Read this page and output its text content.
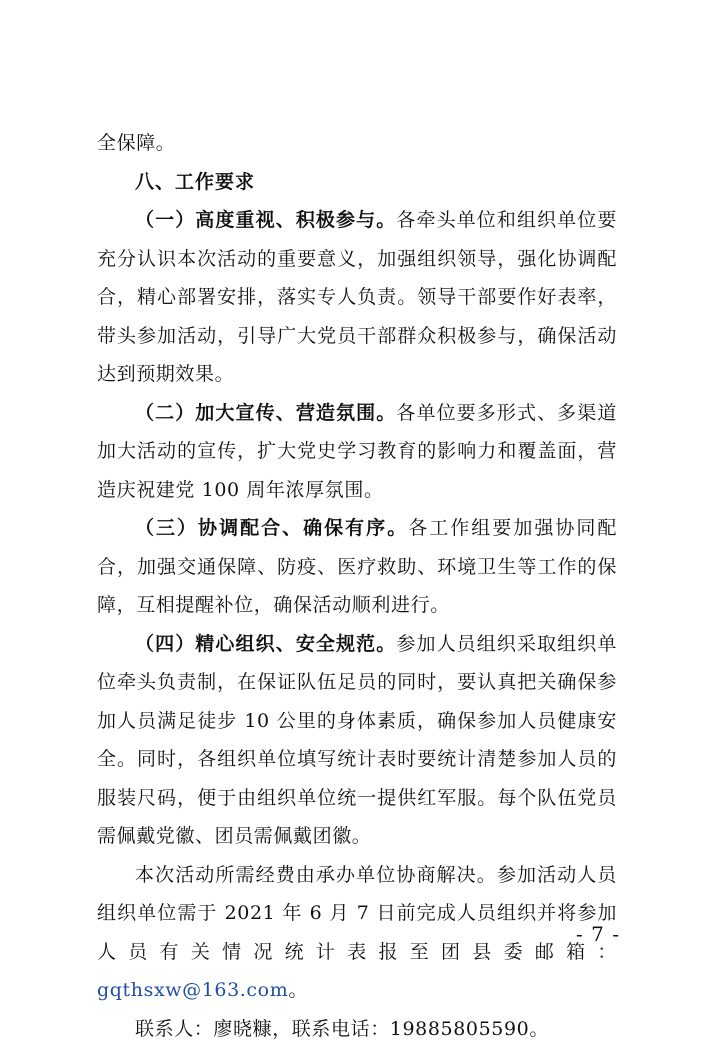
全保障。

八、工作要求

（一）高度重视、积极参与。各牵头单位和组织单位要充分认识本次活动的重要意义，加强组织领导，强化协调配合，精心部署安排，落实专人负责。领导干部要作好表率，带头参加活动，引导广大党员干部群众积极参与，确保活动达到预期效果。

（二）加大宣传、营造氛围。各单位要多形式、多渠道加大活动的宣传，扩大党史学习教育的影响力和覆盖面，营造庆祝建党 100 周年浓厚氛围。

（三）协调配合、确保有序。各工作组要加强协同配合，加强交通保障、防疫、医疗救助、环境卫生等工作的保障，互相提醒补位，确保活动顺利进行。

（四）精心组织、安全规范。参加人员组织采取组织单位牵头负责制，在保证队伍足员的同时，要认真把关确保参加人员满足徒步 10 公里的身体素质，确保参加人员健康安全。同时，各组织单位填写统计表时要统计清楚参加人员的服装尺码，便于由组织单位统一提供红军服。每个队伍党员需佩戴党徽、团员需佩戴团徽。

本次活动所需经费由承办单位协商解决。参加活动人员组织单位需于 2021 年 6 月 7 日前完成人员组织并将参加人员有关情况统计表报至团县委邮箱：gqthsxw@163.com。

联系人：廖晓糠，联系电话：19885805590。

- 7 -
